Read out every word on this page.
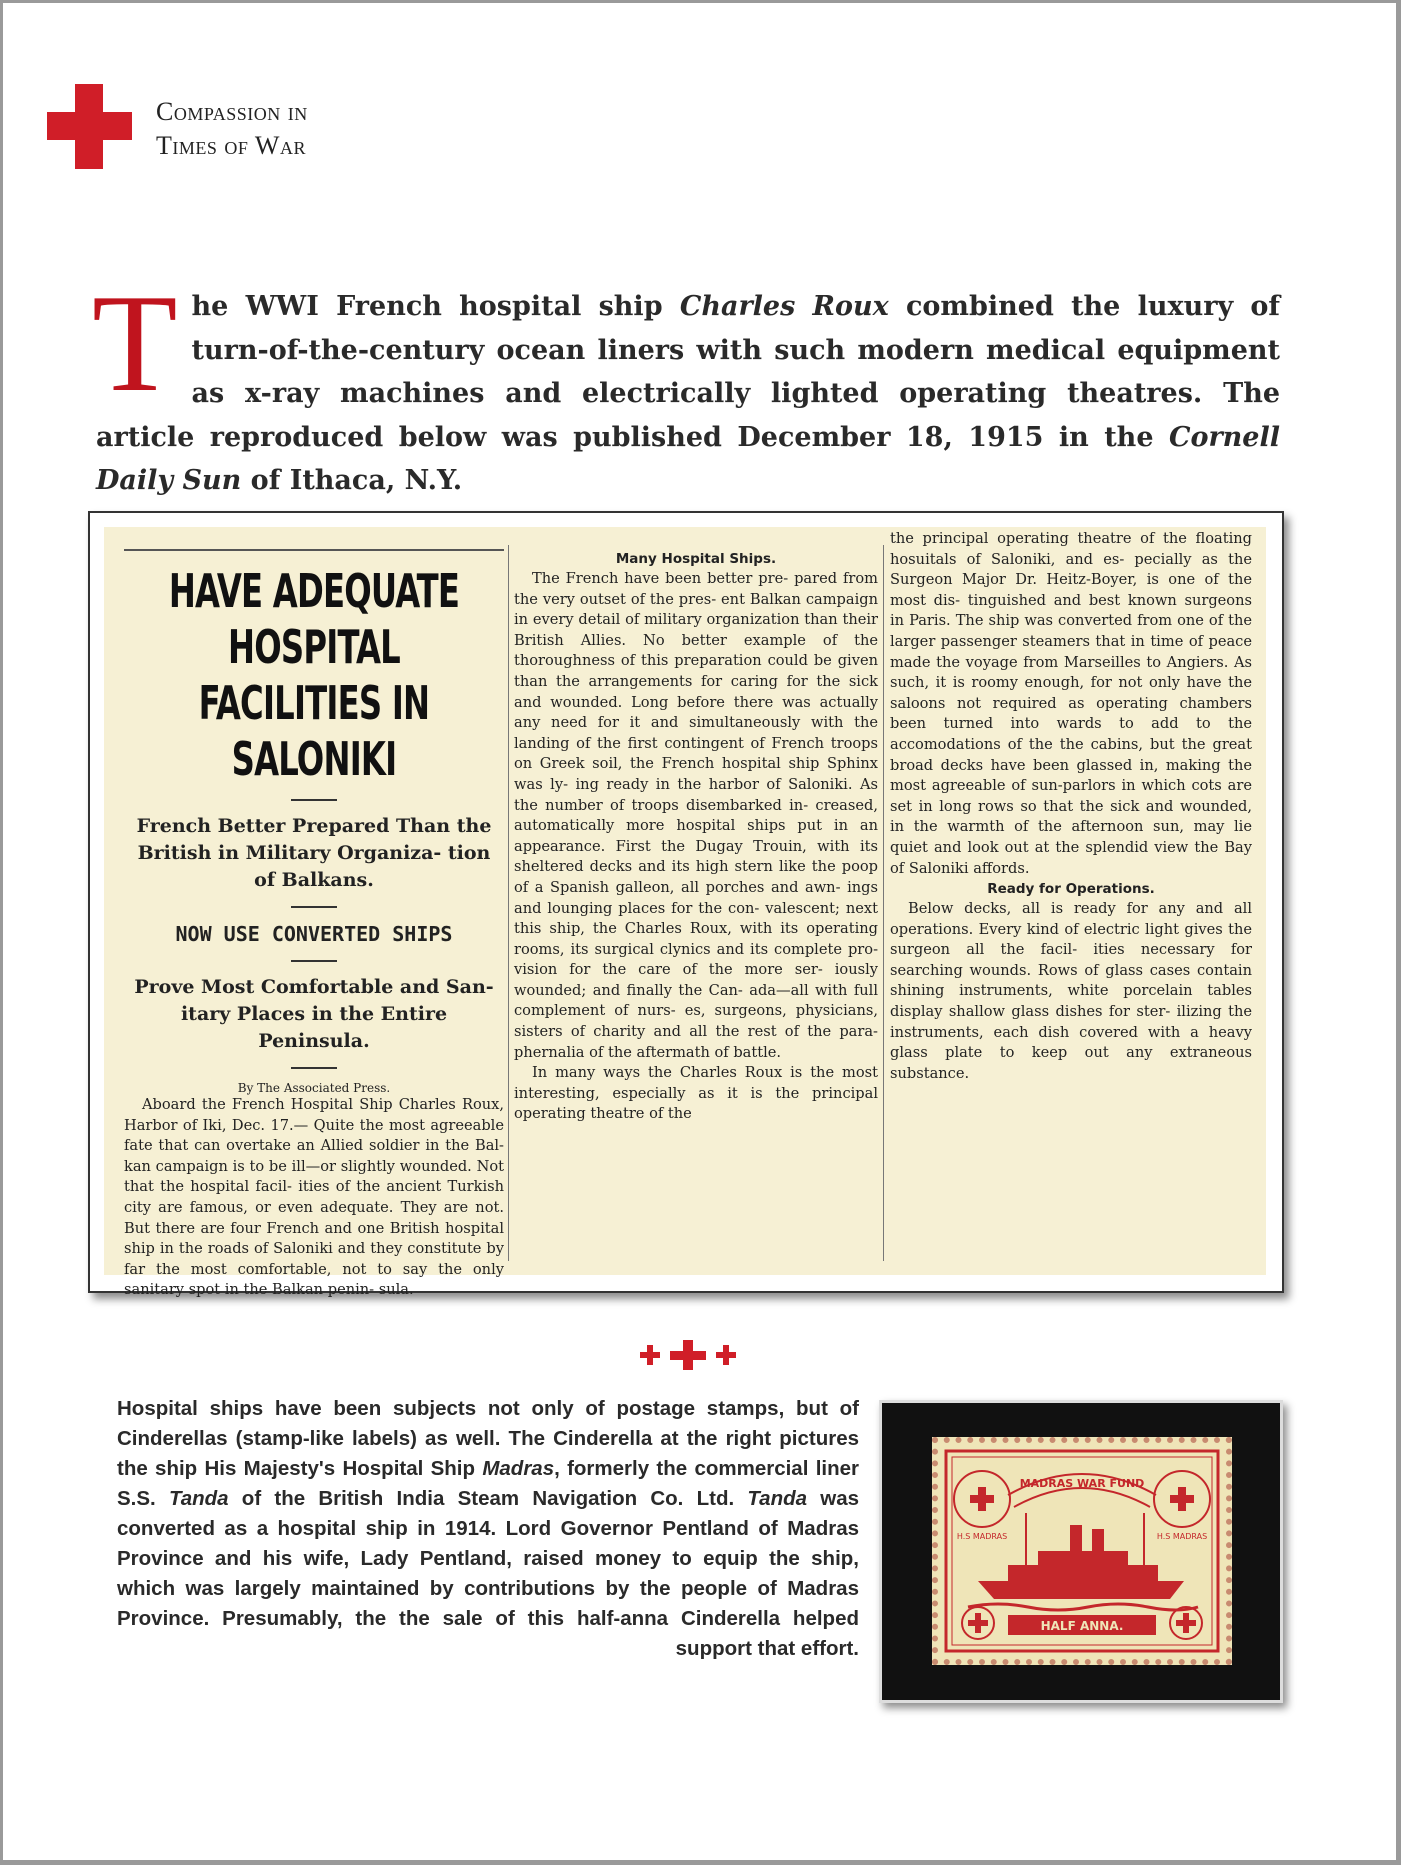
Compassion in
Times of War
The WWI French hospital ship Charles Roux combined the luxury of turn-of-the-century ocean liners with such modern medical equipment as x-ray machines and electrically lighted operating theatres. The article reproduced below was published December 18, 1915 in the Cornell Daily Sun of Ithaca, N.Y.
HAVE ADEQUATE HOSPITAL
FACILITIES IN SALONIKI
French Better Prepared Than the British in Military Organiza- tion of Balkans.
NOW USE CONVERTED SHIPS
Prove Most Comfortable and San- itary Places in the Entire Peninsula.
By The Associated Press.
Aboard the French Hospital Ship Charles Roux, Harbor of Iki, Dec. 17.— Quite the most agreeable fate that can overtake an Allied soldier in the Bal- kan campaign is to be ill—or slightly wounded. Not that the hospital facil- ities of the ancient Turkish city are famous, or even adequate. They are not. But there are four French and one British hospital ship in the roads of Saloniki and they constitute by far the most comfortable, not to say the only sanitary spot in the Balkan penin- sula.
Many Hospital Ships.
The French have been better pre- pared from the very outset of the pres- ent Balkan campaign in every detail of military organization than their British Allies. No better example of the thoroughness of this preparation could be given than the arrangements for caring for the sick and wounded. Long before there was actually any need for it and simultaneously with the landing of the first contingent of French troops on Greek soil, the French hospital ship Sphinx was ly- ing ready in the harbor of Saloniki. As the number of troops disembarked in- creased, automatically more hospital ships put in an appearance. First the Dugay Trouin, with its sheltered decks and its high stern like the poop of a Spanish galleon, all porches and awn- ings and lounging places for the con- valescent; next this ship, the Charles Roux, with its operating rooms, its surgical clynics and its complete pro- vision for the care of the more ser- iously wounded; and finally the Can- ada—all with full complement of nurs- es, surgeons, physicians, sisters of charity and all the rest of the para- phernalia of the aftermath of battle.
In many ways the Charles Roux is the most interesting, especially as it is the principal operating theatre of the
the principal operating theatre of the floating hosuitals of Saloniki, and es- pecially as the Surgeon Major Dr. Heitz-Boyer, is one of the most dis- tinguished and best known surgeons in Paris. The ship was converted from one of the larger passenger steamers that in time of peace made the voyage from Marseilles to Angiers. As such, it is roomy enough, for not only have the saloons not required as operating chambers been turned into wards to add to the accomodations of the the cabins, but the great broad decks have been glassed in, making the most agreeable of sun-parlors in which cots are set in long rows so that the sick and wounded, in the warmth of the afternoon sun, may lie quiet and look out at the splendid view the Bay of Saloniki affords.
Ready for Operations.
Below decks, all is ready for any and all operations. Every kind of electric light gives the surgeon all the facil- ities necessary for searching wounds. Rows of glass cases contain shining instruments, white porcelain tables display shallow glass dishes for ster- ilizing the instruments, each dish covered with a heavy glass plate to keep out any extraneous substance.
Hospital ships have been subjects not only of postage stamps, but of Cinderellas (stamp-like labels) as well. The Cinderella at the right pictures the ship His Majesty's Hospital Ship Madras, formerly the commercial liner S.S. Tanda of the British India Steam Navigation Co. Ltd. Tanda was converted as a hospital ship in 1914. Lord Governor Pentland of Madras Province and his wife, Lady Pentland, raised money to equip the ship, which was largely maintained by contributions by the people of Madras Province. Presumably, the the sale of this half-anna Cinderella helped support that effort.
MADRAS WAR FUND
H.S MADRAS	H.S MADRAS
HALF ANNA.
